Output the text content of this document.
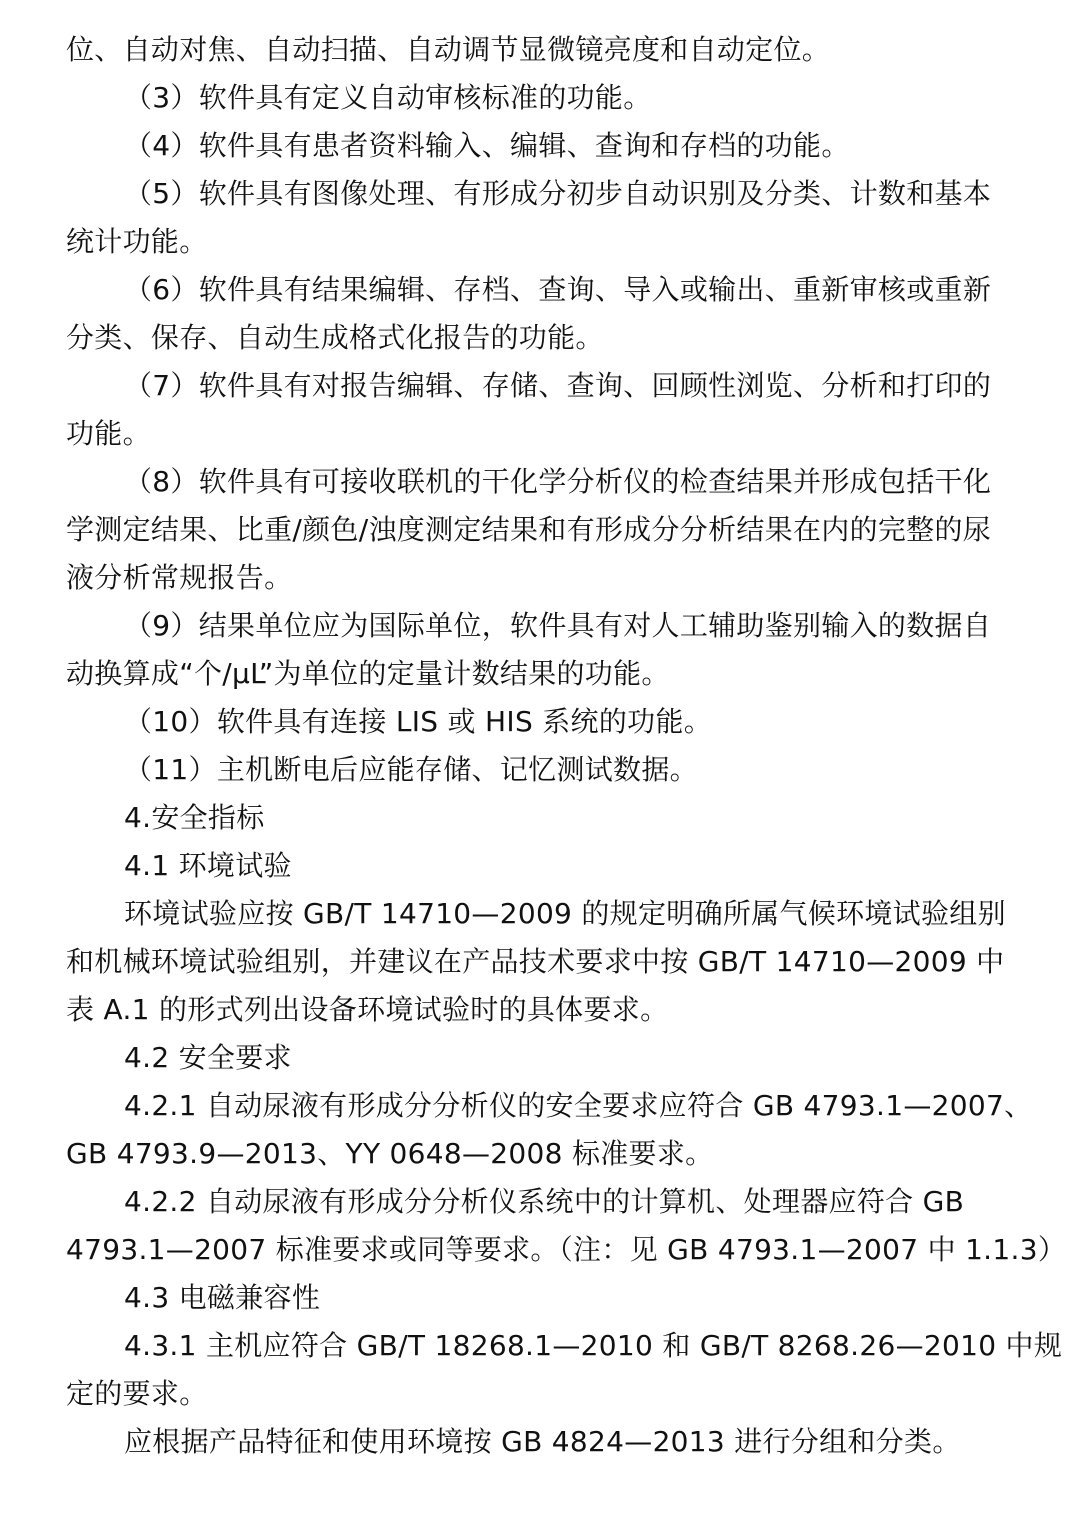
位、自动对焦、自动扫描、自动调节显微镜亮度和自动定位。
（3）软件具有定义自动审核标准的功能。
（4）软件具有患者资料输入、编辑、查询和存档的功能。
（5）软件具有图像处理、有形成分初步自动识别及分类、计数和基本
统计功能。
（6）软件具有结果编辑、存档、查询、导入或输出、重新审核或重新
分类、保存、自动生成格式化报告的功能。
（7）软件具有对报告编辑、存储、查询、回顾性浏览、分析和打印的
功能。
（8）软件具有可接收联机的干化学分析仪的检查结果并形成包括干化
学测定结果、比重/颜色/浊度测定结果和有形成分分析结果在内的完整的尿
液分析常规报告。
（9）结果单位应为国际单位，软件具有对人工辅助鉴别输入的数据自
动换算成“个/μL”为单位的定量计数结果的功能。
（10）软件具有连接 LIS 或 HIS 系统的功能。
（11）主机断电后应能存储、记忆测试数据。
4.安全指标
4.1 环境试验
环境试验应按 GB/T 14710—2009 的规定明确所属气候环境试验组别
和机械环境试验组别，并建议在产品技术要求中按 GB/T 14710—2009 中
表 A.1 的形式列出设备环境试验时的具体要求。
4.2 安全要求
4.2.1 自动尿液有形成分分析仪的安全要求应符合 GB 4793.1—2007、
GB 4793.9—2013、YY 0648—2008 标准要求。
4.2.2 自动尿液有形成分分析仪系统中的计算机、处理器应符合 GB
4793.1—2007 标准要求或同等要求。（注：见 GB 4793.1—2007 中 1.1.3）
4.3 电磁兼容性
4.3.1 主机应符合 GB/T 18268.1—2010 和 GB/T 8268.26—2010 中规
定的要求。
应根据产品特征和使用环境按 GB 4824—2013 进行分组和分类。
